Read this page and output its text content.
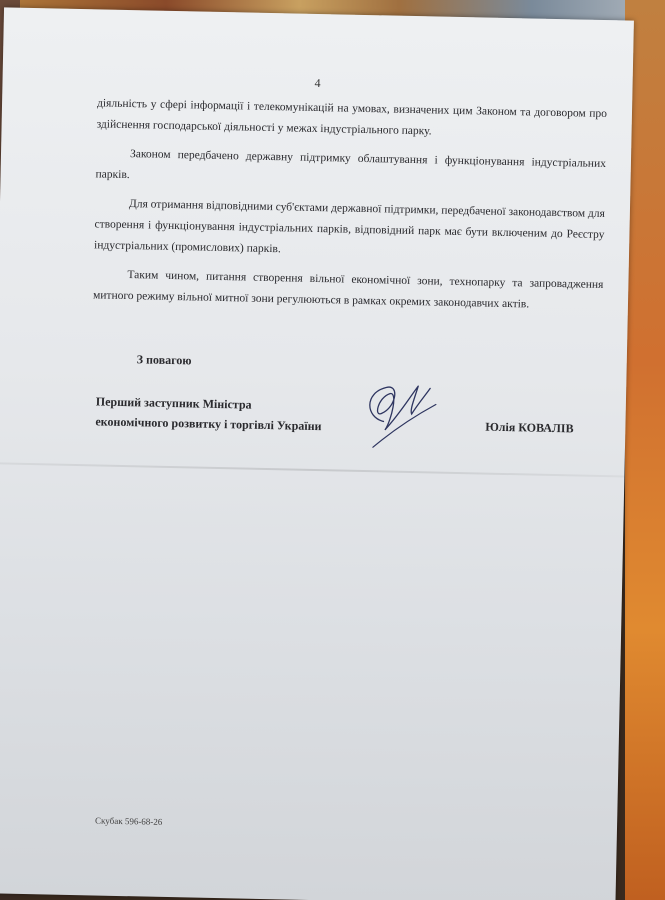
4

діяльність у сфері інформації і телекомунікацій на умовах, визначених цим Законом та договором про здійснення господарської діяльності у межах індустріального парку.

Законом передбачено державну підтримку облаштування і функціонування індустріальних парків.

Для отримання відповідними суб'єктами державної підтримки, передбаченої законодавством для створення і функціонування індустріальних парків, відповідний парк має бути включеним до Реєстру індустріальних (промислових) парків.

Таким чином, питання створення вільної економічної зони, технопарку та запровадження митного режиму вільної митної зони регулюються в рамках окремих законодавчих актів.

З повагою
Перший заступник Міністра
економічного розвитку і торгівлі України	Юлія КОВАЛІВ
Скубак 596-68-26
